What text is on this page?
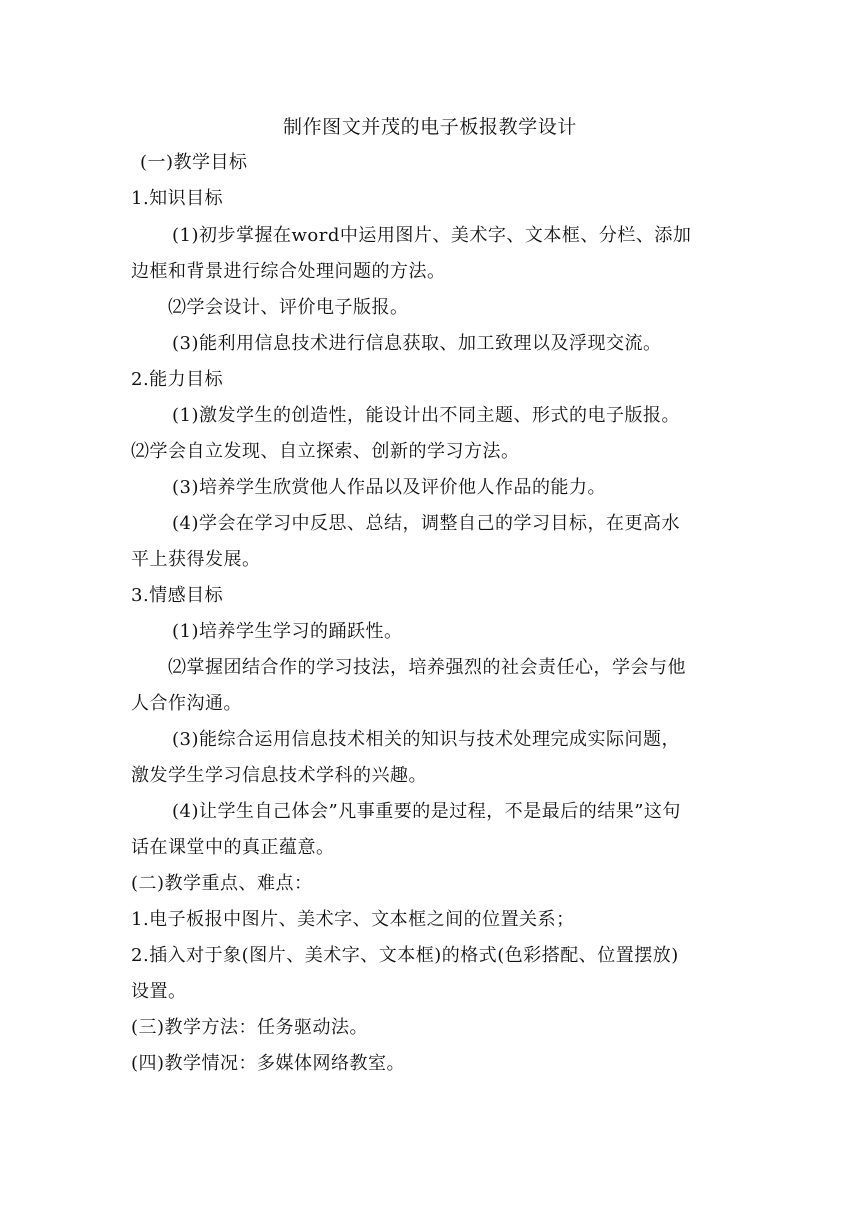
制作图文并茂的电子板报教学设计
(一)教学目标
1.知识目标
(1)初步掌握在word中运用图片、美术字、文本框、分栏、添加
边框和背景进行综合处理问题的方法。
⑵学会设计、评价电子版报。
(3)能利用信息技术进行信息获取、加工致理以及浮现交流。
2.能力目标
(1)激发学生的创造性，能设计出不同主题、形式的电子版报。
⑵学会自立发现、自立探索、创新的学习方法。
(3)培养学生欣赏他人作品以及评价他人作品的能力。
(4)学会在学习中反思、总结，调整自己的学习目标，在更高水
平上获得发展。
3.情感目标
(1)培养学生学习的踊跃性。
⑵掌握团结合作的学习技法，培养强烈的社会责任心，学会与他
人合作沟通。
(3)能综合运用信息技术相关的知识与技术处理完成实际问题，
激发学生学习信息技术学科的兴趣。
(4)让学生自己体会”凡事重要的是过程，不是最后的结果”这句
话在课堂中的真正蕴意。
(二)教学重点、难点：
1.电子板报中图片、美术字、文本框之间的位置关系；
2.插入对于象(图片、美术字、文本框)的格式(色彩搭配、位置摆放)
设置。
(三)教学方法：任务驱动法。
(四)教学情况：多媒体网络教室。
